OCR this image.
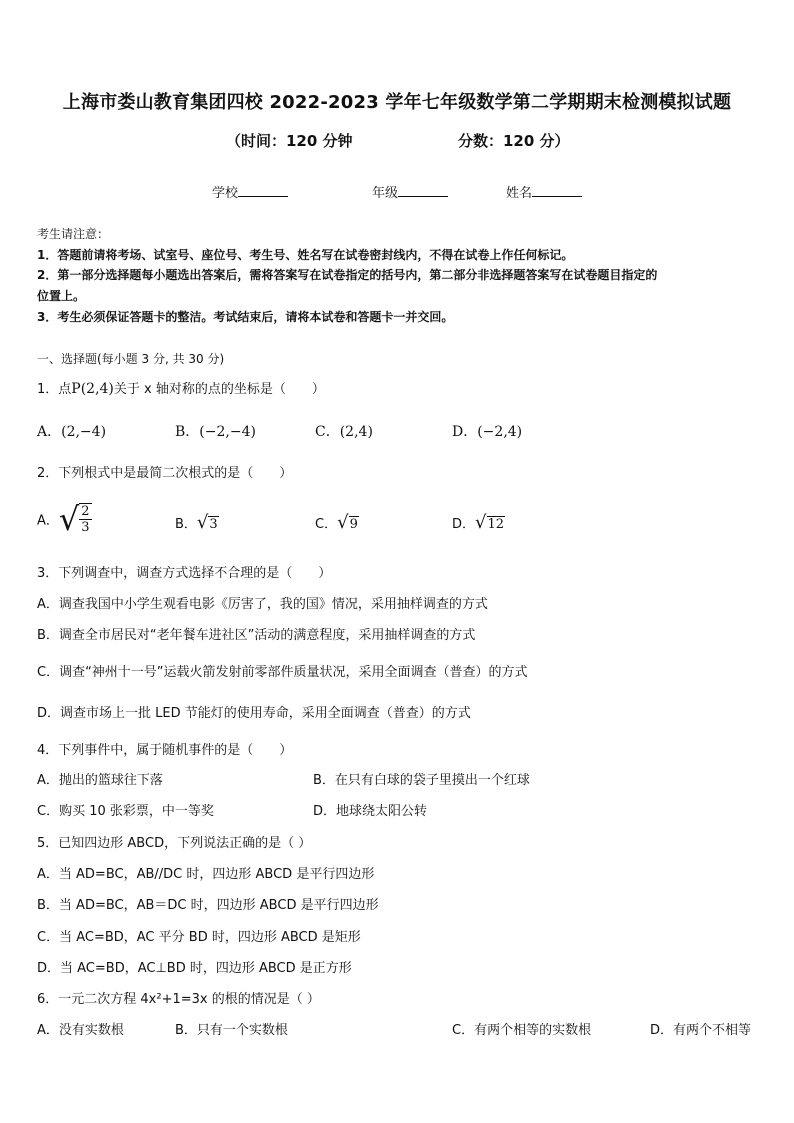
上海市娄山教育集团四校 2022-2023 学年七年级数学第二学期期末检测模拟试题
（时间：120 分钟	分数：120 分）
学校	年级	姓名
考生请注意：
1．答题前请将考场、试室号、座位号、考生号、姓名写在试卷密封线内，不得在试卷上作任何标记。
2．第一部分选择题每小题选出答案后，需将答案写在试卷指定的括号内，第二部分非选择题答案写在试卷题目指定的
位置上。
3．考生必须保证答题卡的整洁。考试结束后，请将本试卷和答题卡一并交回。
一、选择题(每小题 3 分, 共 30 分)
1．点P(2,4)关于 x 轴对称的点的坐标是（　　）
A．(2,−4)	B．(−2,−4)	C．(2,4)	D．(−2,4)
2．下列根式中是最简二次根式的是（　　）
A．√ $\frac{2}{3}$	B．√3	C．√9	D．√12
3．下列调查中，调查方式选择不合理的是（　　）
A．调查我国中小学生观看电影《厉害了，我的国》情况，采用抽样调查的方式
B．调查全市居民对“老年餐车进社区”活动的满意程度，采用抽样调查的方式
C．调查“神州十一号”运载火箭发射前零部件质量状况，采用全面调查（普查）的方式
D．调查市场上一批 LED 节能灯的使用寿命，采用全面调查（普查）的方式
4．下列事件中，属于随机事件的是（　　）
A．抛出的篮球往下落	B．在只有白球的袋子里摸出一个红球
C．购买 10 张彩票，中一等奖	D．地球绕太阳公转
5．已知四边形 ABCD，下列说法正确的是（ ）
A．当 AD=BC，AB//DC 时，四边形 ABCD 是平行四边形
B．当 AD=BC，AB＝DC 时，四边形 ABCD 是平行四边形
C．当 AC=BD，AC 平分 BD 时，四边形 ABCD 是矩形
D．当 AC=BD，AC⊥BD 时，四边形 ABCD 是正方形
6．一元二次方程 4x²+1=3x 的根的情况是（ ）
A．没有实数根	B．只有一个实数根	C．有两个相等的实数根	D．有两个不相等
